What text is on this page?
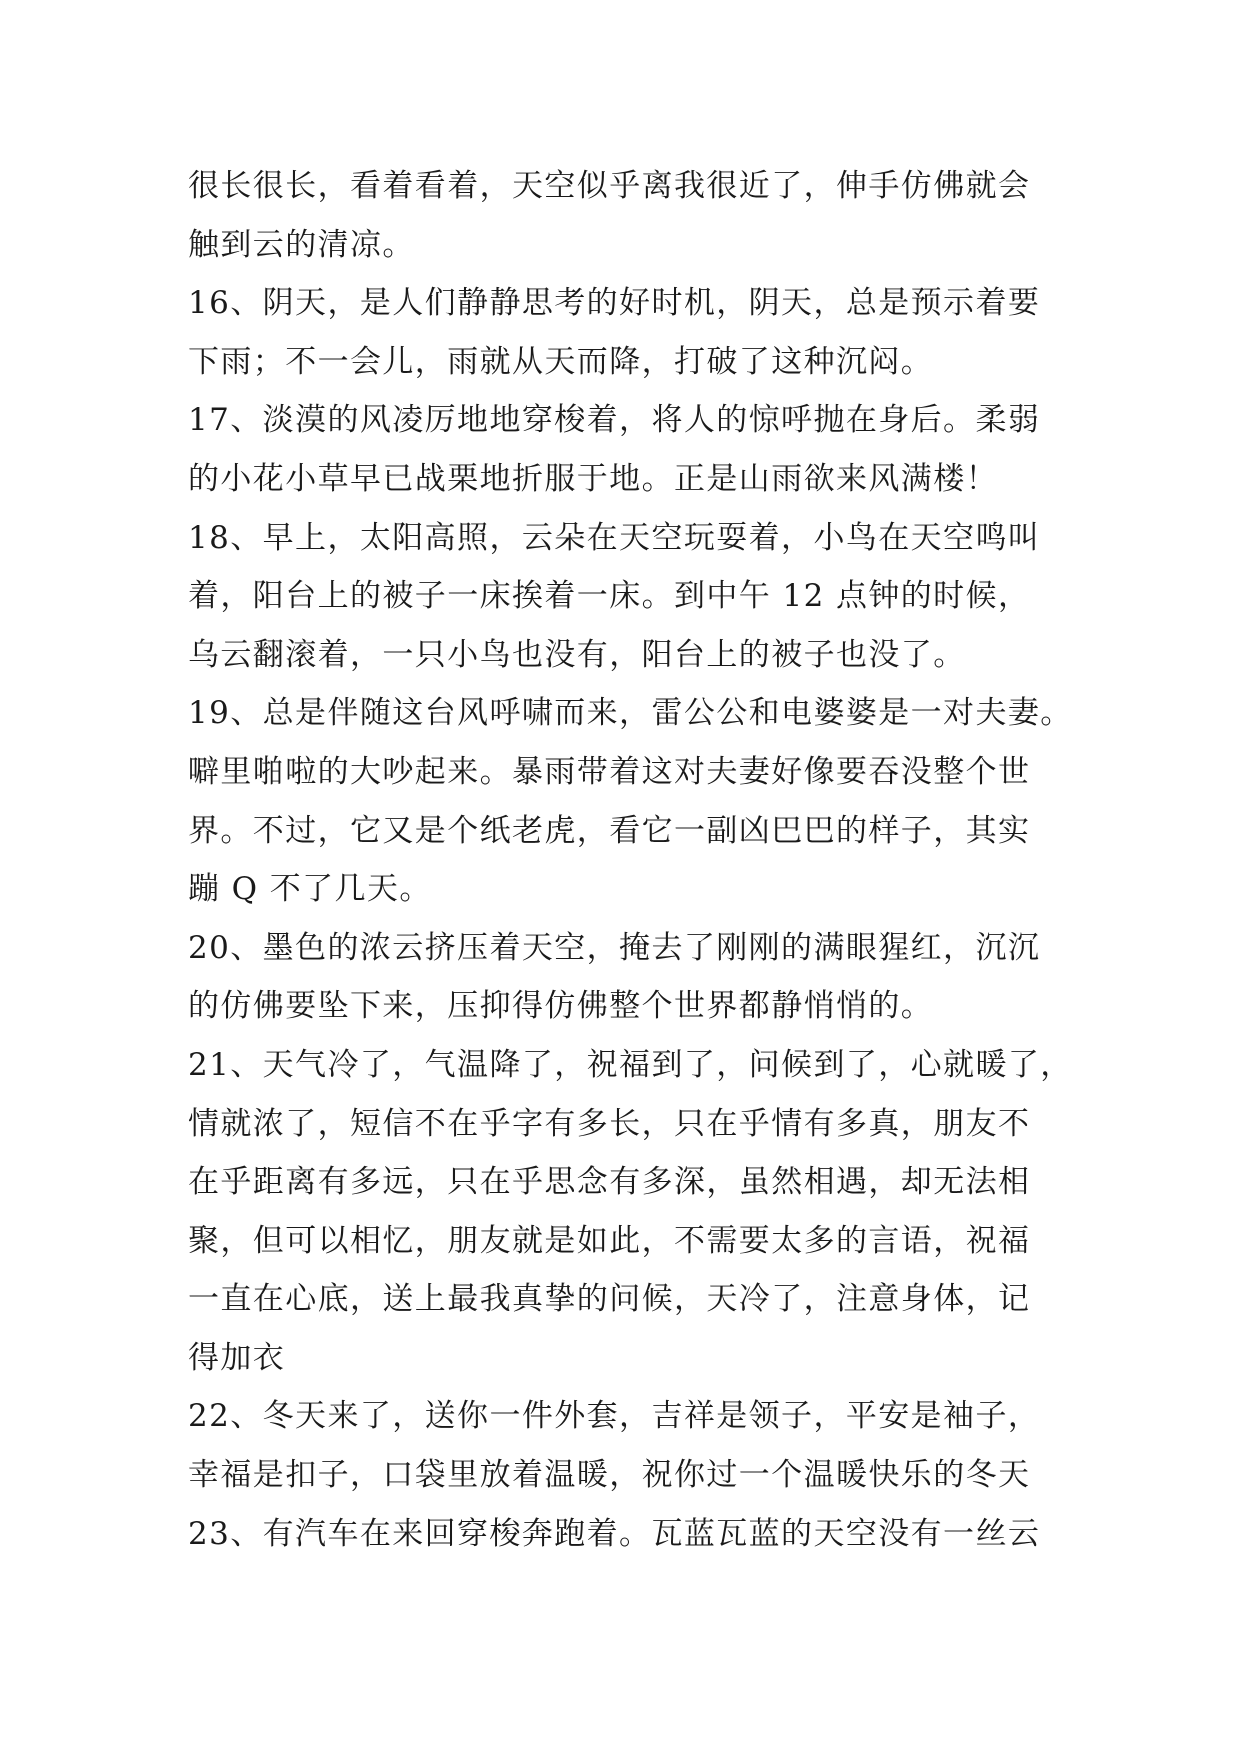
很长很长，看着看着，天空似乎离我很近了，伸手仿佛就会
触到云的清凉。
16、阴天，是人们静静思考的好时机，阴天，总是预示着要
下雨；不一会儿，雨就从天而降，打破了这种沉闷。
17、淡漠的风凌厉地地穿梭着，将人的惊呼抛在身后。柔弱
的小花小草早已战栗地折服于地。正是山雨欲来风满楼！
18、早上，太阳高照，云朵在天空玩耍着，小鸟在天空鸣叫
着，阳台上的被子一床挨着一床。到中午 12 点钟的时候，
乌云翻滚着，一只小鸟也没有，阳台上的被子也没了。
19、总是伴随这台风呼啸而来，雷公公和电婆婆是一对夫妻。
噼里啪啦的大吵起来。暴雨带着这对夫妻好像要吞没整个世
界。不过，它又是个纸老虎，看它一副凶巴巴的样子，其实
蹦 Q 不了几天。
20、墨色的浓云挤压着天空，掩去了刚刚的满眼猩红，沉沉
的仿佛要坠下来，压抑得仿佛整个世界都静悄悄的。
21、天气冷了，气温降了，祝福到了，问候到了，心就暖了，
情就浓了，短信不在乎字有多长，只在乎情有多真，朋友不
在乎距离有多远，只在乎思念有多深，虽然相遇，却无法相
聚，但可以相忆，朋友就是如此，不需要太多的言语，祝福
一直在心底，送上最我真挚的问候，天冷了，注意身体，记
得加衣
22、冬天来了，送你一件外套，吉祥是领子，平安是袖子，
幸福是扣子，口袋里放着温暖，祝你过一个温暖快乐的冬天
23、有汽车在来回穿梭奔跑着。瓦蓝瓦蓝的天空没有一丝云
